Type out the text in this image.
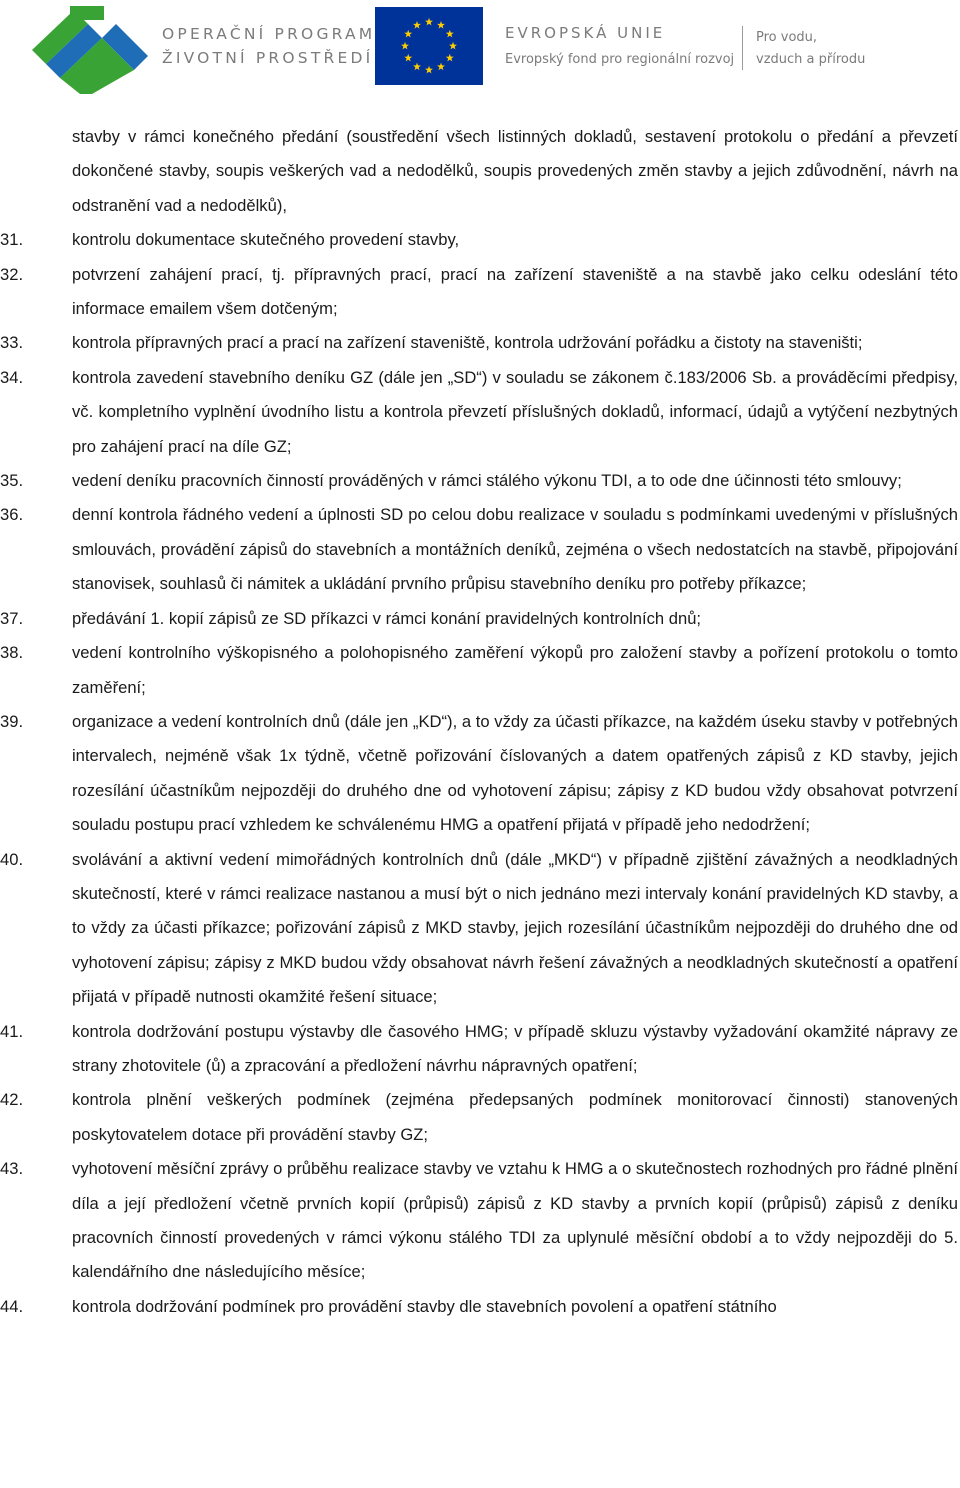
OPERAČNÍ PROGRAM
ŽIVOTNÍ PROSTŘEDÍ
EVROPSKÁ UNIE
Evropský fond pro regionální rozvoj
Pro vodu,
vzduch a přírodu
stavby v rámci konečného předání (soustředění všech listinných dokladů, sestavení protokolu o předání a převzetí dokončené stavby, soupis veškerých vad a nedodělků, soupis provedených změn stavby a jejich zdůvodnění, návrh na odstranění vad a nedodělků),
31.	kontrolu dokumentace skutečného provedení stavby,
32.	potvrzení zahájení prací, tj. přípravných prací, prací na zařízení staveniště a na stavbě jako celku odeslání této informace emailem všem dotčeným;
33.	kontrola přípravných prací a prací na zařízení staveniště, kontrola udržování pořádku a čistoty na staveništi;
34.	kontrola zavedení stavebního deníku GZ (dále jen „SD“) v souladu se zákonem č.183/2006 Sb. a prováděcími předpisy, vč. kompletního vyplnění úvodního listu a kontrola převzetí příslušných dokladů, informací, údajů a vytýčení nezbytných pro zahájení prací na díle GZ;
35.	vedení deníku pracovních činností prováděných v rámci stálého výkonu TDI, a to ode dne účinnosti této smlouvy;
36.	denní kontrola řádného vedení a úplnosti SD po celou dobu realizace v souladu s podmínkami uvedenými v příslušných smlouvách, provádění zápisů do stavebních a montážních deníků, zejména o všech nedostatcích na stavbě, připojování stanovisek, souhlasů či námitek a ukládání prvního průpisu stavebního deníku pro potřeby příkazce;
37.	předávání 1. kopií zápisů ze SD příkazci v rámci konání pravidelných kontrolních dnů;
38.	vedení kontrolního výškopisného a polohopisného zaměření výkopů pro založení stavby a pořízení protokolu o tomto zaměření;
39.	organizace a vedení kontrolních dnů (dále jen „KD“), a to vždy za účasti příkazce, na každém úseku stavby v potřebných intervalech, nejméně však 1x týdně, včetně pořizování číslovaných a datem opatřených zápisů z KD stavby, jejich rozesílání účastníkům nejpozději do druhého dne od vyhotovení zápisu; zápisy z KD budou vždy obsahovat potvrzení souladu postupu prací vzhledem ke schválenému HMG a opatření přijatá v případě jeho nedodržení;
40.	svolávání a aktivní vedení mimořádných kontrolních dnů (dále „MKD“) v případně zjištění závažných a neodkladných skutečností, které v rámci realizace nastanou a musí být o nich jednáno mezi intervaly konání pravidelných KD stavby, a to vždy za účasti příkazce; pořizování zápisů z MKD stavby, jejich rozesílání účastníkům nejpozději do druhého dne od vyhotovení zápisu; zápisy z MKD budou vždy obsahovat návrh řešení závažných a neodkladných skutečností a opatření přijatá v případě nutnosti okamžité řešení situace;
41.	kontrola dodržování postupu výstavby dle časového HMG; v případě skluzu výstavby vyžadování okamžité nápravy ze strany zhotovitele (ů) a zpracování a předložení návrhu nápravných opatření;
42.	kontrola plnění veškerých podmínek (zejména předepsaných podmínek monitorovací činnosti) stanovených poskytovatelem dotace při provádění stavby GZ;
43.	vyhotovení měsíční zprávy o průběhu realizace stavby ve vztahu k HMG a o skutečnostech rozhodných pro řádné plnění díla a její předložení včetně prvních kopií (průpisů) zápisů z KD stavby a prvních kopií (průpisů) zápisů z deníku pracovních činností provedených v rámci výkonu stálého TDI za uplynulé měsíční období a to vždy nejpozději do 5. kalendářního dne následujícího měsíce;
44.	kontrola dodržování podmínek pro provádění stavby dle stavebních povolení a opatření státního
